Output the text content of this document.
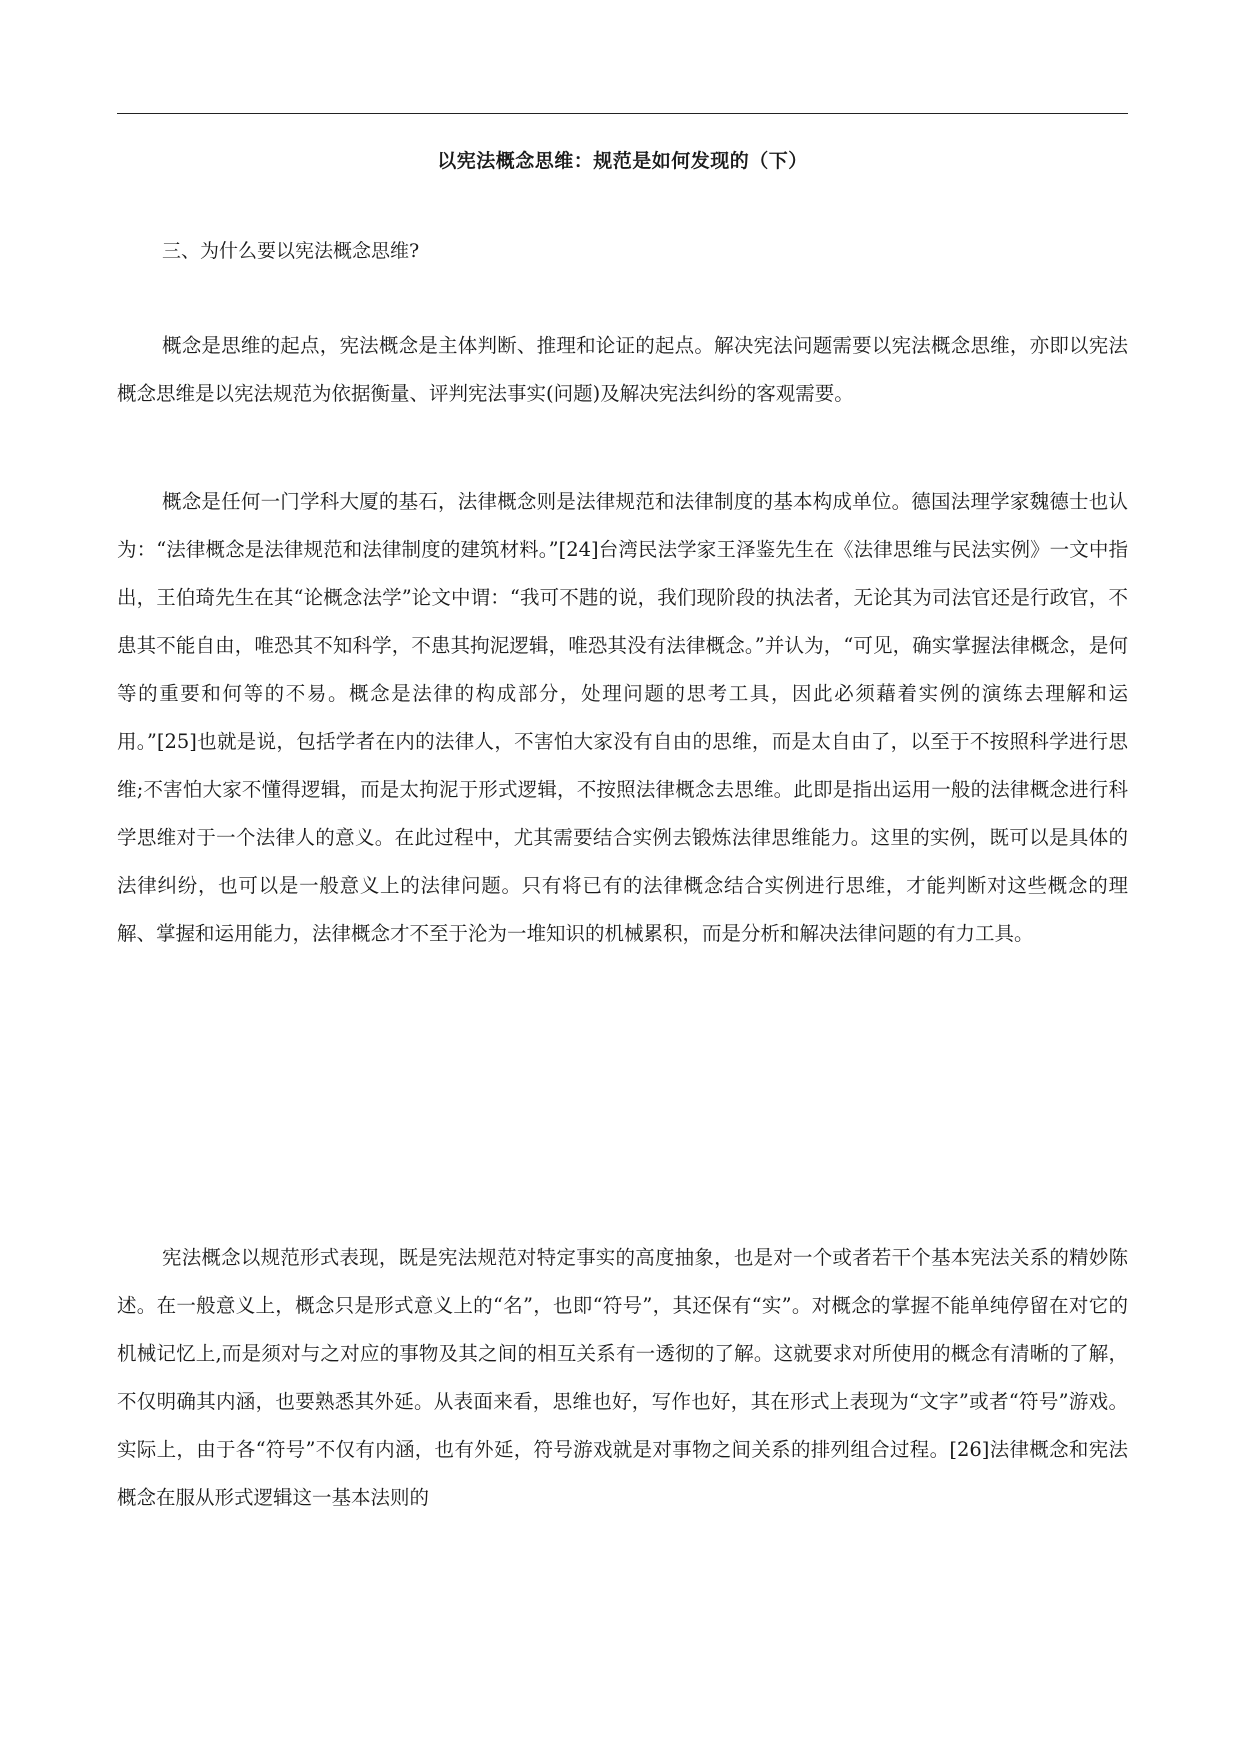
以宪法概念思维：规范是如何发现的（下）
三、为什么要以宪法概念思维?

概念是思维的起点，宪法概念是主体判断、推理和论证的起点。解决宪法问题需要以宪法概念思维，亦即以宪法概念思维是以宪法规范为依据衡量、评判宪法事实(问题)及解决宪法纠纷的客观需要。

概念是任何一门学科大厦的基石，法律概念则是法律规范和法律制度的基本构成单位。德国法理学家魏德士也认为：“法律概念是法律规范和法律制度的建筑材料。”[24]台湾民法学家王泽鉴先生在《法律思维与民法实例》一文中指出，王伯琦先生在其“论概念法学”论文中谓：“我可不韪的说，我们现阶段的执法者，无论其为司法官还是行政官，不患其不能自由，唯恐其不知科学，不患其拘泥逻辑，唯恐其没有法律概念。”并认为，“可见，确实掌握法律概念，是何等的重要和何等的不易。概念是法律的构成部分，处理问题的思考工具，因此必须藉着实例的演练去理解和运用。”[25]也就是说，包括学者在内的法律人，不害怕大家没有自由的思维，而是太自由了，以至于不按照科学进行思维;不害怕大家不懂得逻辑，而是太拘泥于形式逻辑，不按照法律概念去思维。此即是指出运用一般的法律概念进行科学思维对于一个法律人的意义。在此过程中，尤其需要结合实例去锻炼法律思维能力。这里的实例，既可以是具体的法律纠纷，也可以是一般意义上的法律问题。只有将已有的法律概念结合实例进行思维，才能判断对这些概念的理解、掌握和运用能力，法律概念才不至于沦为一堆知识的机械累积，而是分析和解决法律问题的有力工具。

宪法概念以规范形式表现，既是宪法规范对特定事实的高度抽象，也是对一个或者若干个基本宪法关系的精妙陈述。在一般意义上，概念只是形式意义上的“名”，也即“符号”，其还保有“实”。对概念的掌握不能单纯停留在对它的机械记忆上,而是须对与之对应的事物及其之间的相互关系有一透彻的了解。这就要求对所使用的概念有清晰的了解，不仅明确其内涵，也要熟悉其外延。从表面来看，思维也好，写作也好，其在形式上表现为“文字”或者“符号”游戏。实际上，由于各“符号”不仅有内涵，也有外延，符号游戏就是对事物之间关系的排列组合过程。[26]法律概念和宪法概念在服从形式逻辑这一基本法则的
